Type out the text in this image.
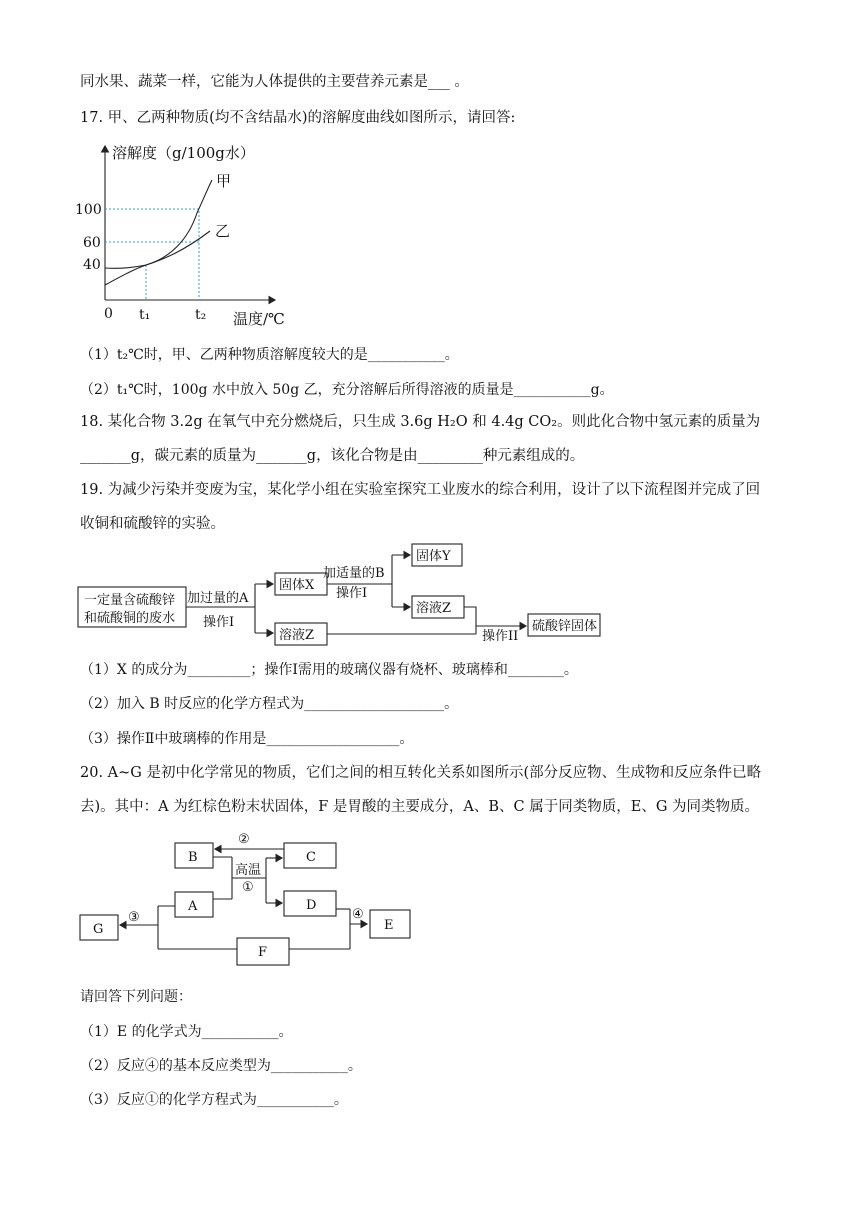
同水果、蔬菜一样，它能为人体提供的主要营养元素是___ 。
17. 甲、乙两种物质(均不含结晶水)的溶解度曲线如图所示，请回答:
溶解度（g/100g水）
温度/℃
0
100
60
40
t₁	t₂
甲
乙
（1）t₂℃时，甲、乙两种物质溶解度较大的是___________。
（2）t₁℃时，100g 水中放入 50g 乙，充分溶解后所得溶液的质量是___________g。
18. 某化合物 3.2g 在氧气中充分燃烧后，只生成 3.6g H₂O 和 4.4g CO₂。则此化合物中氢元素的质量为
_______g，碳元素的质量为_______g，该化合物是由_________种元素组成的。
19. 为减少污染并变废为宝，某化学小组在实验室探究工业废水的综合利用，设计了以下流程图并完成了回
收铜和硫酸锌的实验。
一定量含硫酸锌
和硫酸铜的废水
加过量的A
操作I
固体X
加适量的B
操作I
固体Y
溶液Z
溶液Z	操作II
硫酸锌固体
（1）X 的成分为_________；操作Ⅰ需用的玻璃仪器有烧杯、玻璃棒和________。
（2）加入 B 时反应的化学方程式为____________________。
（3）操作Ⅱ中玻璃棒的作用是___________________。
20. A~G 是初中化学常见的物质，它们之间的相互转化关系如图所示(部分反应物、生成物和反应条件已略
去)。其中：A 为红棕色粉末状固体，F 是胃酸的主要成分，A、B、C 属于同类物质，E、G 为同类物质。
B	C
②
A	D
高温
①
G
③
F
④
E
请回答下列问题：
（1）E 的化学式为___________。
（2）反应④的基本反应类型为___________。
（3）反应①的化学方程式为___________。
